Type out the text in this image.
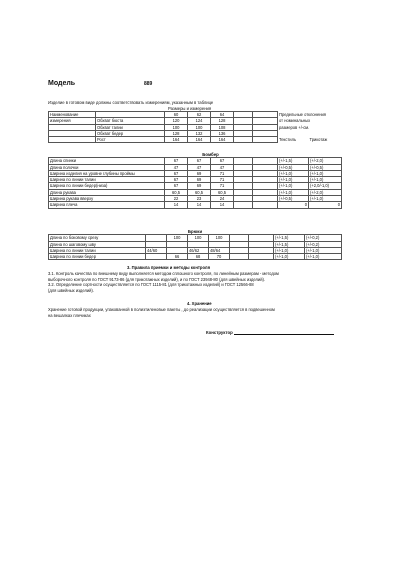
Модель	889
Изделие в готовом виде должны соответствовать измерениям, указанным в таблице
Размеры и измерения
Наименование		60	62	64			Предельные отклонения	
измерения	Обхват бюста	120	124	128			от номинальных	
	Обхват талии	100	100	108			размеров +/-см.	
	Обхват бедер	128	132	136				
	Рост	164	164	164			Текстиль	Трикотаж
Бомбер								
Длина спинки	67	67	67			(+/-1,5)	(+/-2,0)	
Длина полочки	47	47	47			(+/-0,5)	(+/-0,5)	
Ширина изделия на уровне глубины проймы	67	69	71			(+/-1,0)	(+/-1,0)	
Ширина по линии талии	67	69	71			(+/-1,0)	(+/-1,0)	
Ширина по линии бедер(низа)	67	69	71			(+/-1,0)	(+2,0/-1,0)	
Длина рукава	60,5	60,5	60,5			(+/-1,0)	(+/-2,0)	
Ширина рукава вверху	22	23	24			(+/-0,5)	(+/-1,0)	
Ширина плеча	14	14	14			0	0	
Брюки								
Длина по боковому срезу		100	100	100			(+/-1,5)	(+/-0,2)
Длина по шаговому шву							(+/-1,5)	(+/-0,2)
Ширина по линии талии	44/60		46/62	48/64			(+/-1,0)	(+/-1,0)
Ширина по линии бедер		66	68	70			(+/-1,0)	(+/-1,0)
3. Правила приемки и методы контроля
3.1. Контроль качества по внешнему виду выполняется методом сплошного контроля, по линейным размерам - методом
выборочного контроля по ГОСТ 9173-86 (для трикотажных изделий), и по ГОСТ 23948-80 (для швейных изделий).
3.2. Определение сортности осуществляется по ГОСТ 1115-81 (для трикотажных изделий) и ГОСТ 12566-88
(для швейных изделий).
4. Хранение
Хранение готовой продукции, упакованной в полиэтиленовые пакеты , до реализации осуществляется в подвешенном
на вешалках плечиках
Конструктор
